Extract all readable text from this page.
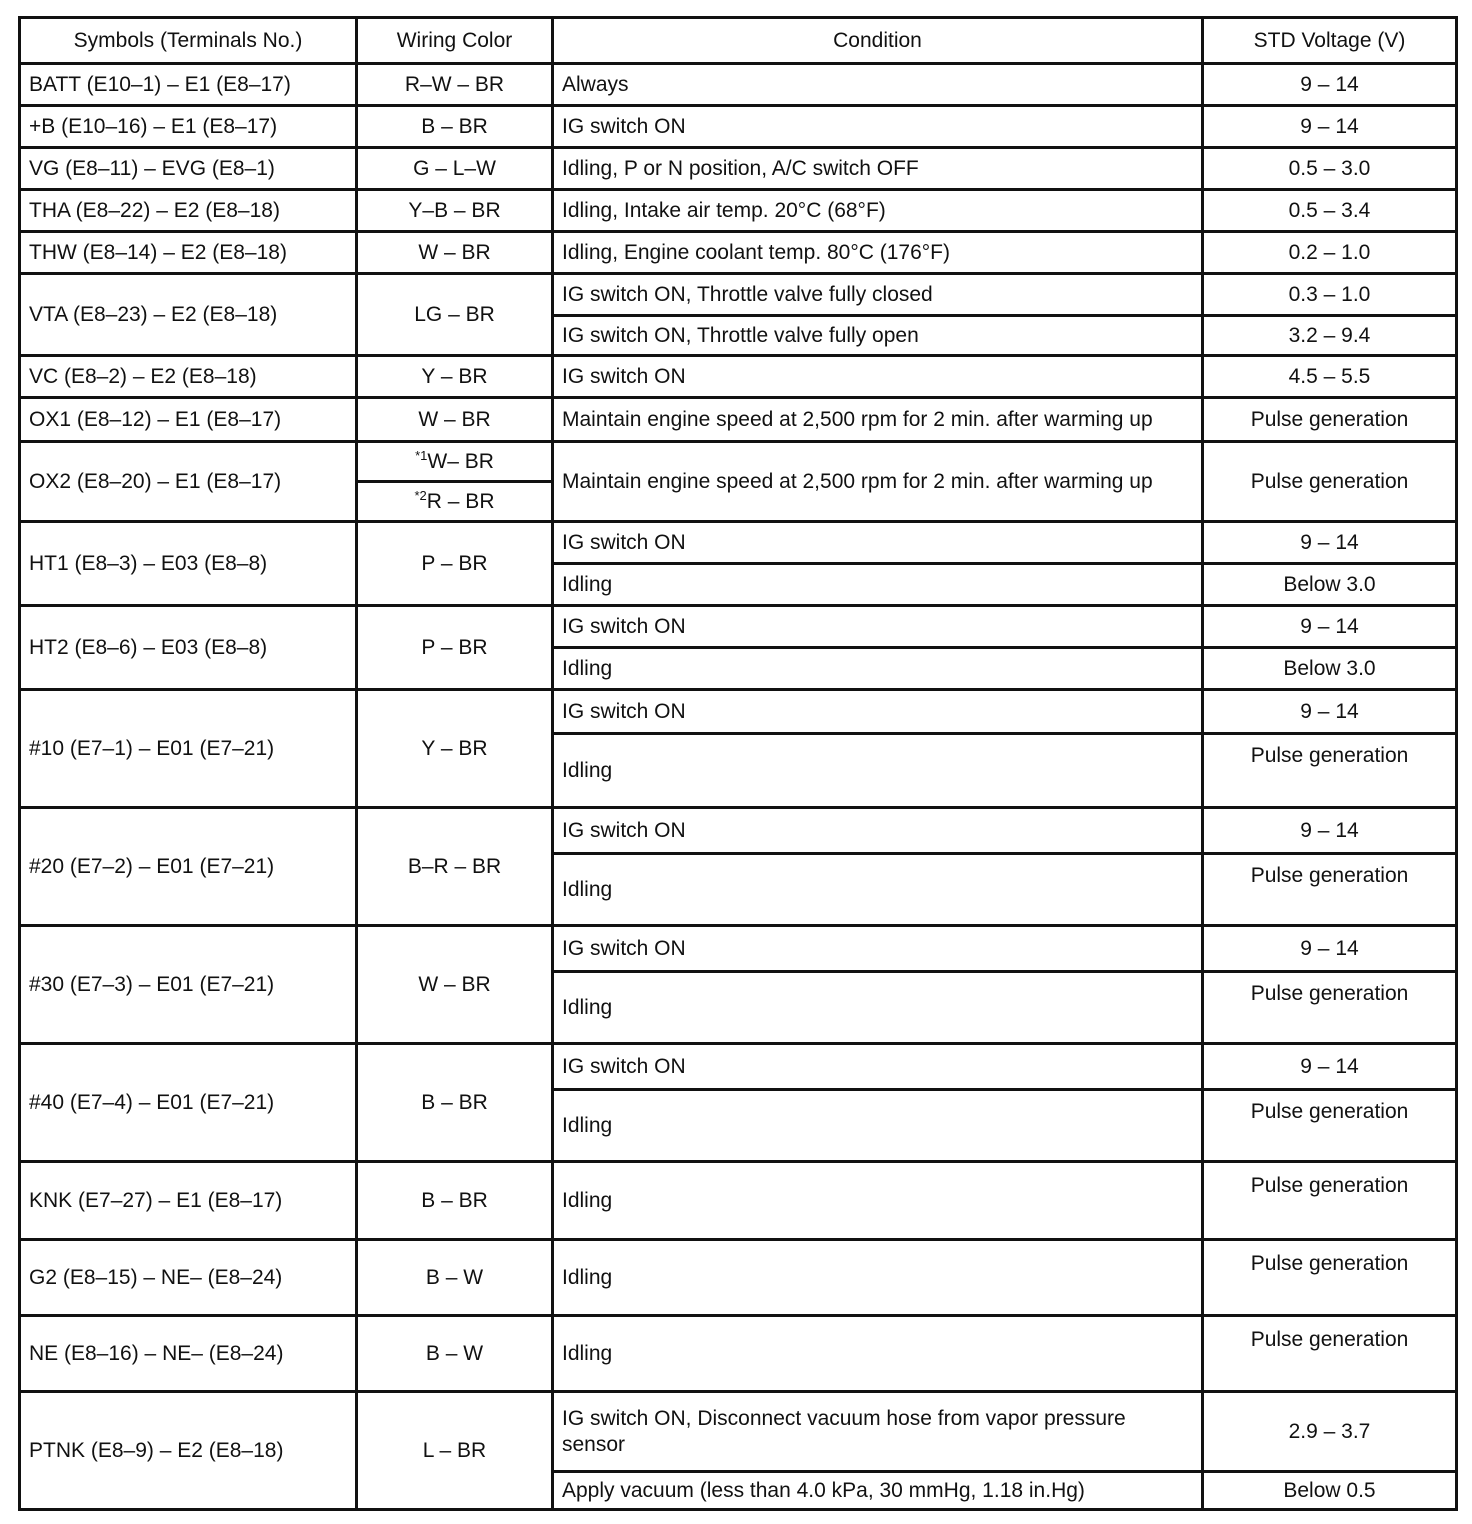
Symbols (Terminals No.)	Wiring Color	Condition	STD Voltage (V)
BATT (E10–1) – E1 (E8–17)	R–W – BR	Always	9 – 14
+B (E10–16) – E1 (E8–17)	B – BR	IG switch ON	9 – 14
VG (E8–11) – EVG (E8–1)	G – L–W	Idling, P or N position, A/C switch OFF	0.5 – 3.0
THA (E8–22) – E2 (E8–18)	Y–B – BR	Idling, Intake air temp. 20°C (68°F)	0.5 – 3.4
THW (E8–14) – E2 (E8–18)	W – BR	Idling, Engine coolant temp. 80°C (176°F)	0.2 – 1.0
VTA (E8–23) – E2 (E8–18)	LG – BR	IG switch ON, Throttle valve fully closed	0.3 – 1.0
		IG switch ON, Throttle valve fully open	3.2 – 9.4
VC (E8–2) – E2 (E8–18)	Y – BR	IG switch ON	4.5 – 5.5
OX1 (E8–12) – E1 (E8–17)	W – BR	Maintain engine speed at 2,500 rpm for 2 min. after warming up	Pulse generation
OX2 (E8–20) – E1 (E8–17)	$^{*1}$W– BR	Maintain engine speed at 2,500 rpm for 2 min. after warming up	Pulse generation
	$^{*2}$R – BR		
HT1 (E8–3) – E03 (E8–8)	P – BR	IG switch ON	9 – 14
		Idling	Below 3.0
HT2 (E8–6) – E03 (E8–8)	P – BR	IG switch ON	9 – 14
		Idling	Below 3.0
#10 (E7–1) – E01 (E7–21)	Y – BR	IG switch ON	9 – 14
		Idling	Pulse generation
#20 (E7–2) – E01 (E7–21)	B–R – BR	IG switch ON	9 – 14
		Idling	Pulse generation
#30 (E7–3) – E01 (E7–21)	W – BR	IG switch ON	9 – 14
		Idling	Pulse generation
#40 (E7–4) – E01 (E7–21)	B – BR	IG switch ON	9 – 14
		Idling	Pulse generation
KNK (E7–27) – E1 (E8–17)	B – BR	Idling	Pulse generation
G2 (E8–15) – NE– (E8–24)	B – W	Idling	Pulse generation
NE (E8–16) – NE– (E8–24)	B – W	Idling	Pulse generation
PTNK (E8–9) – E2 (E8–18)	L – BR	IG switch ON, Disconnect vacuum hose from vapor pressure sensor	2.9 – 3.7
		Apply vacuum (less than 4.0 kPa, 30 mmHg, 1.18 in.Hg)	Below 0.5
